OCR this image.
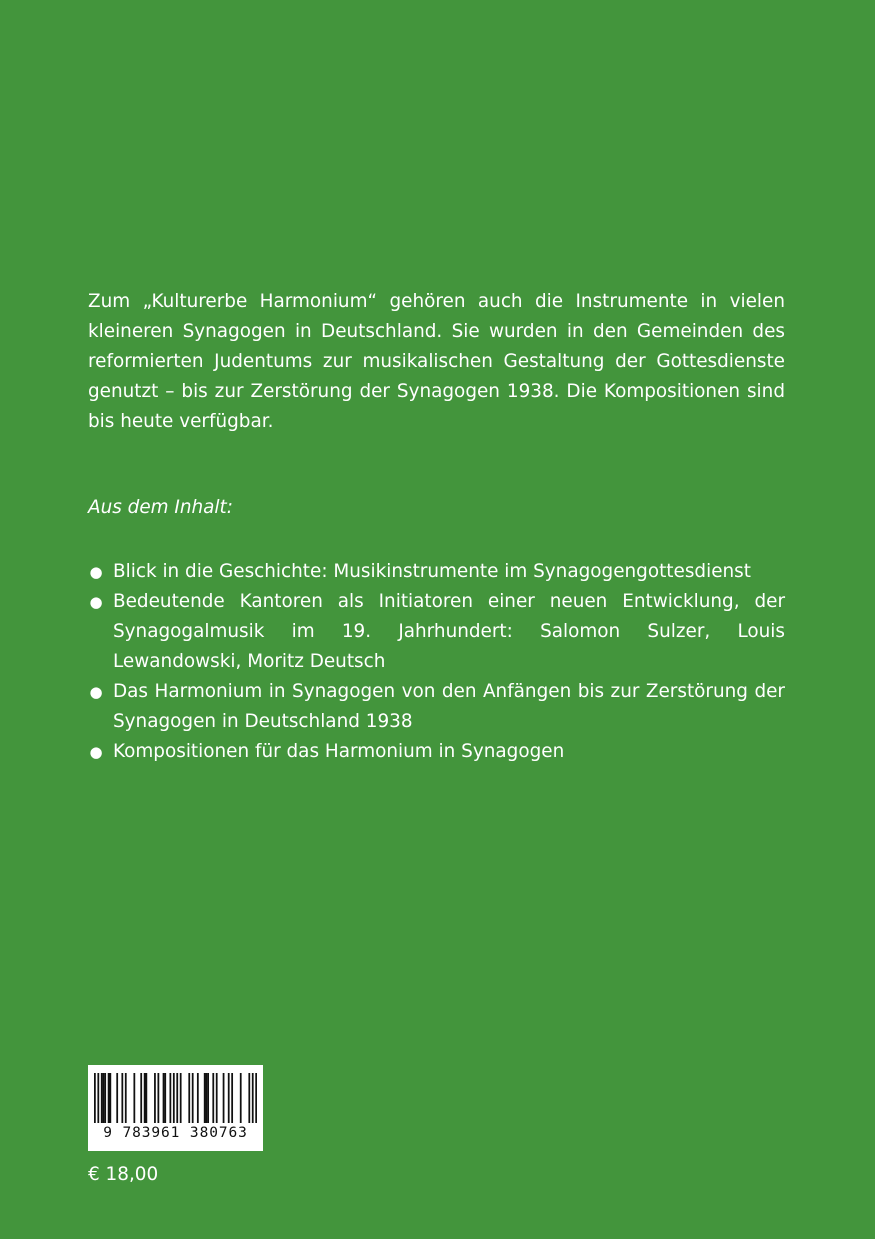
Zum „Kulturerbe Harmonium“ gehören auch die Instrumente in vielen kleineren Synagogen in Deutschland. Sie wurden in den Gemeinden des reformierten Judentums zur musikalischen Gestaltung der Gottesdienste genutzt – bis zur Zerstörung der Synagogen 1938. Die Kompositionen sind bis heute verfügbar.

Aus dem Inhalt:

● Blick in die Geschichte: Musikinstrumente im Synagogengottesdienst
● Bedeutende Kantoren als Initiatoren einer neuen Entwicklung, der Synagogalmusik im 19. Jahrhundert: Salomon Sulzer, Louis Lewandowski, Moritz Deutsch
● Das Harmonium in Synagogen von den Anfängen bis zur Zerstörung der Synagogen in Deutschland 1938
● Kompositionen für das Harmonium in Synagogen
9 783961 380763
€ 18,00
